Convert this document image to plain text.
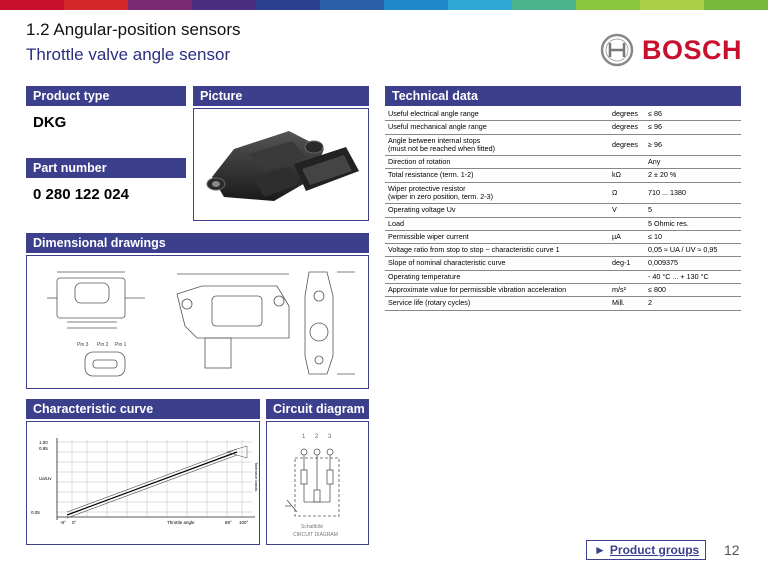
1.2 Angular-position sensors
Throttle valve angle sensor	BOSCH
Product type
DKG
Part number
0 280 122 024
Picture
Dimensional drawings
Pin 3 Pin 2 Pin 1
Technical data
Useful electrical angle range	degrees	≤ 86
Useful mechanical angle range	degrees	≤ 96
Angle between internal stops
(must not be reached when fitted)	degrees	≥ 96
Direction of rotation		Any
Total resistance (term. 1-2)	kΩ	2 ± 20 %
Wiper protective resistor
(wiper in zero position, term. 2-3)	Ω	710 ... 1380
Operating voltage Uv	V	5
Load		5 Ohmic res.
Permissible wiper current	µA	≤ 10
Voltage ratio from stop to stop ~ characteristic curve 1		0,05 ≈ UA / UV ≈ 0,95
Slope of nominal characteristic curve	deg-1	0,009375
Operating temperature		- 40 °C ... + 130 °C
Approximate value for permissible vibration acceleration	m/s²	≤ 800
Service life (rotary cycles)	Mill.	2
Characteristic curve
1.00
0.95
0.05
Ua/Uv
-8° 0°	88° 100°
Throttle angle
Tolerance bands
Circuit diagram
1 2 3
Schaltbild
CIRCUIT DIAGRAM
► Product groups 12
